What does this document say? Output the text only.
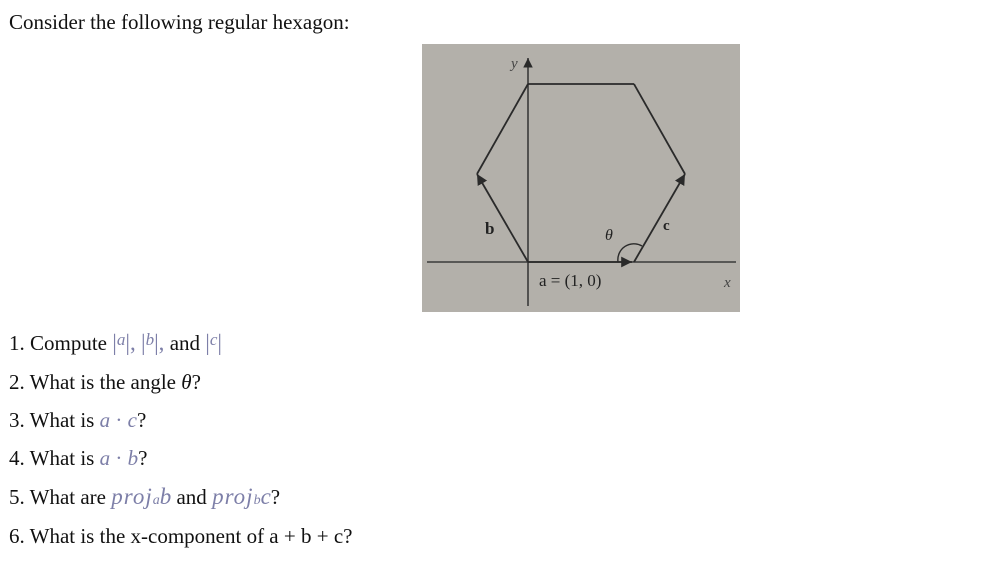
Consider the following regular hexagon:
y
x
b	c
θ
a = (1, 0)
1. Compute $|^a|$, $|^b|$, and $|^c|$
2. What is the angle θ?
3. What is a · c?
4. What is a · b?
5. What are projab and projbc?
6. What is the x-component of a + b + c?
